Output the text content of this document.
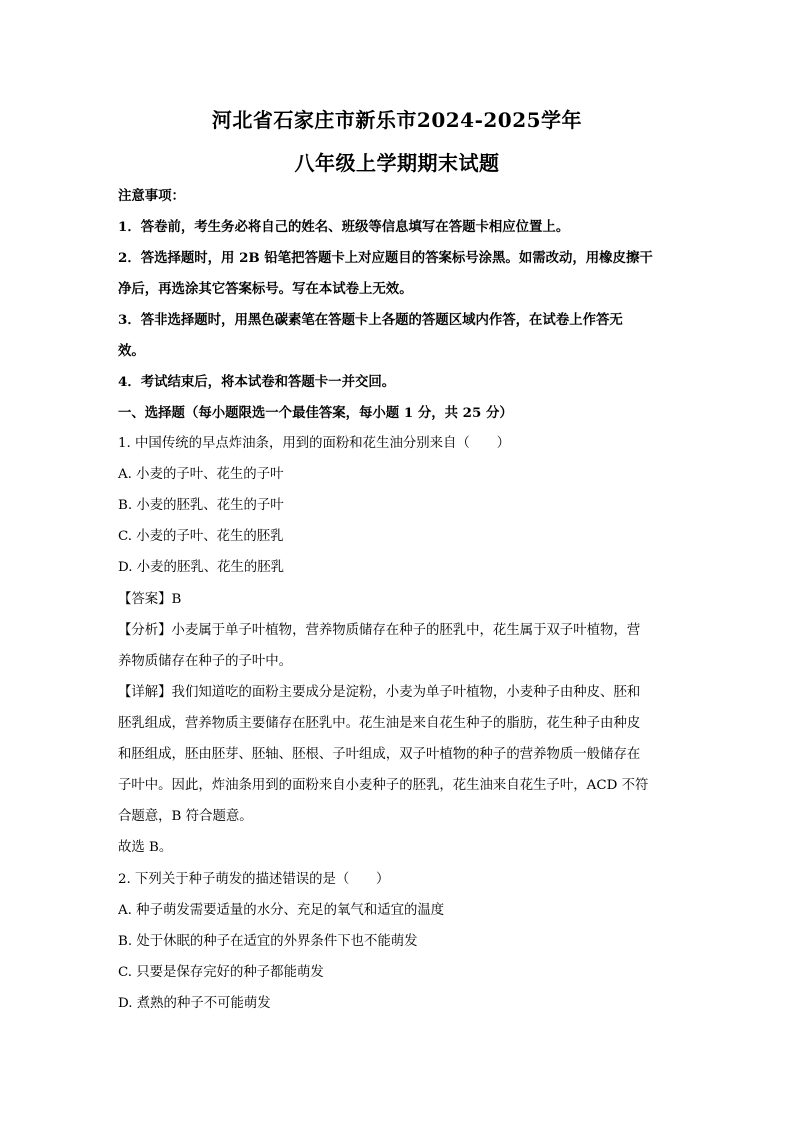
河北省石家庄市新乐市2024-2025学年
八年级上学期期末试题
注意事项：
1．答卷前，考生务必将自己的姓名、班级等信息填写在答题卡相应位置上。
2．答选择题时，用 2B 铅笔把答题卡上对应题目的答案标号涂黑。如需改动，用橡皮擦干
净后，再选涂其它答案标号。写在本试卷上无效。
3．答非选择题时，用黑色碳素笔在答题卡上各题的答题区域内作答，在试卷上作答无
效。
4．考试结束后，将本试卷和答题卡一并交回。
一、选择题（每小题限选一个最佳答案，每小题 1 分，共 25 分）
1. 中国传统的早点炸油条，用到的面粉和花生油分别来自（　　）
A. 小麦的子叶、花生的子叶
B. 小麦的胚乳、花生的子叶
C. 小麦的子叶、花生的胚乳
D. 小麦的胚乳、花生的胚乳
【答案】B
【分析】小麦属于单子叶植物，营养物质储存在种子的胚乳中，花生属于双子叶植物，营
养物质储存在种子的子叶中。
【详解】我们知道吃的面粉主要成分是淀粉，小麦为单子叶植物，小麦种子由种皮、胚和
胚乳组成，营养物质主要储存在胚乳中。花生油是来自花生种子的脂肪，花生种子由种皮
和胚组成，胚由胚芽、胚轴、胚根、子叶组成，双子叶植物的种子的营养物质一般储存在
子叶中。因此，炸油条用到的面粉来自小麦种子的胚乳，花生油来自花生子叶，ACD 不符
合题意，B 符合题意。
故选 B。
2. 下列关于种子萌发的描述错误的是（　　）
A. 种子萌发需要适量的水分、充足的氧气和适宜的温度
B. 处于休眠的种子在适宜的外界条件下也不能萌发
C. 只要是保存完好的种子都能萌发
D. 煮熟的种子不可能萌发
